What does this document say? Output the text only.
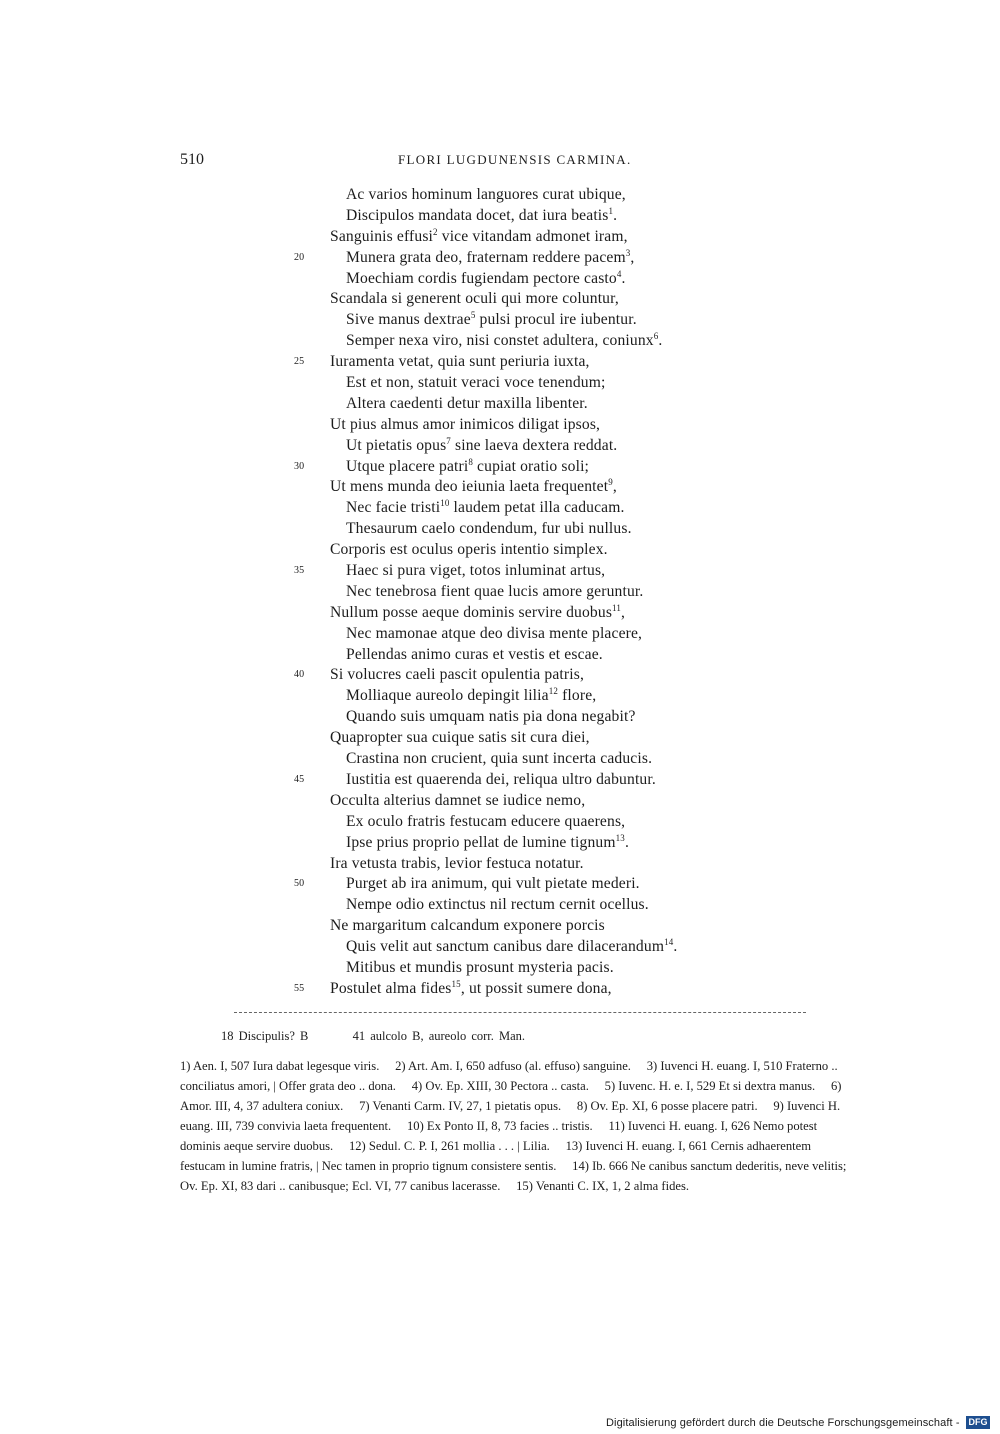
510	FLORI LUGDUNENSIS CARMINA.
Ac varios hominum languores curat ubique,
Discipulos mandata docet, dat iura beatis$^1$.
Sanguinis effusi$^2$ vice vitandam admonet iram,
20	Munera grata deo, fraternam reddere pacem$^3$,
Moechiam cordis fugiendam pectore casto$^4$.
Scandala si generent oculi qui more coluntur,
Sive manus dextrae$^5$ pulsi procul ire iubentur.
Semper nexa viro, nisi constet adultera, coniunx$^6$.
25 Iuramenta vetat, quia sunt periuria iuxta,
Est et non, statuit veraci voce tenendum;
Altera caedenti detur maxilla libenter.
Ut pius almus amor inimicos diligat ipsos,
Ut pietatis opus$^7$ sine laeva dextera reddat.
30	Utque placere patri$^8$ cupiat oratio soli;
Ut mens munda deo ieiunia laeta frequentet$^9$,
Nec facie tristi$^{10}$ laudem petat illa caducam.
Thesaurum caelo condendum, fur ubi nullus.
Corporis est oculus operis intentio simplex.
35	Haec si pura viget, totos inluminat artus,
Nec tenebrosa fient quae lucis amore geruntur.
Nullum posse aeque dominis servire duobus$^{11}$,
Nec mamonae atque deo divisa mente placere,
Pellendas animo curas et vestis et escae.
40 Si volucres caeli pascit opulentia patris,
Molliaque aureolo depingit lilia$^{12}$ flore,
Quando suis umquam natis pia dona negabit?
Quapropter sua cuique satis sit cura diei,
Crastina non crucient, quia sunt incerta caducis.
45	Iustitia est quaerenda dei, reliqua ultro dabuntur.
Occulta alterius damnet se iudice nemo,
Ex oculo fratris festucam educere quaerens,
Ipse prius proprio pellat de lumine tignum$^{13}$.
Ira vetusta trabis, levior festuca notatur.
50	Purget ab ira animum, qui vult pietate mederi.
Nempe odio extinctus nil rectum cernit ocellus.
Ne margaritum calcandum exponere porcis
Quis velit aut sanctum canibus dare dilacerandum$^{14}$.
Mitibus et mundis prosunt mysteria pacis.
55 Postulet alma fides$^{15}$, ut possit sumere dona,
18 Discipulis? B	41 aulcolo B, aureolo corr. Man.
1) Aen. I, 507 Iura dabat legesque viris.  2) Art. Am. I, 650 adfuso (al. effuso) sanguine.  3) Iuvenci H. euang. I, 510 Fraterno .. conciliatus amori, | Offer grata deo .. dona.  4) Ov. Ep. XIII, 30 Pectora .. casta.  5) Iuvenc. H. e. I, 529 Et si dextra manus.  6) Amor. III, 4, 37 adultera coniux.  7) Venanti Carm. IV, 27, 1 pietatis opus.  8) Ov. Ep. XI, 6 posse placere patri.  9) Iuvenci H. euang. III, 739 convivia laeta frequentent.  10) Ex Ponto II, 8, 73 facies .. tristis.  11) Iuvenci H. euang. I, 626 Nemo potest dominis aeque servire duobus.  12) Sedul. C. P. I, 261 mollia . . . | Lilia.  13) Iuvenci H. euang. I, 661 Cernis adhaerentem festucam in lumine fratris, | Nec tamen in proprio tignum consistere sentis.  14) Ib. 666 Ne canibus sanctum dederitis, neve velitis; Ov. Ep. XI, 83 dari .. canibusque; Ecl. VI, 77 canibus lacerasse.  15) Venanti C. IX, 1, 2 alma fides. 
Digitalisierung gefördert durch die Deutsche Forschungsgemeinschaft - DFG
